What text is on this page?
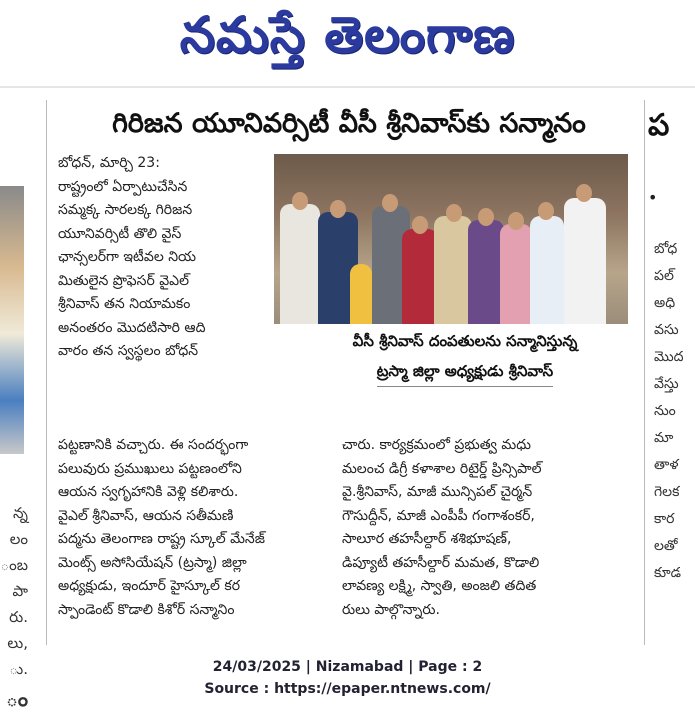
నమస్తే తెలంగాణ
న్న
లం
ంబ
పా
రు.
లు,
ు.
ం
గిరిజన యూనివర్సిటీ వీసీ శ్రీనివాస్‌కు సన్మానం
బోధన్, మార్చి 23:
రాష్ట్రంలో ఏర్పాటుచేసిన
సమ్మక్క సారలక్క గిరిజన
యూనివర్సిటీ తొలి వైస్
ఛాన్సలర్‌గా ఇటీవల నియ
మితులైన ప్రొఫెసర్ వైఎల్
శ్రీనివాస్ తన నియామకం
అనంతరం మొదటిసారి ఆది
వారం తన స్వస్థలం బోధన్
వీసీ శ్రీనివాస్ దంపతులను సన్మానిస్తున్న
ట్రస్మా జిల్లా అధ్యక్షుడు శ్రీనివాస్
పట్టణానికి వచ్చారు. ఈ సందర్భంగా
పలువురు ప్రముఖులు పట్టణంలోని
ఆయన స్వగృహానికి వెళ్లి కలిశారు.
వైఎల్ శ్రీనివాస్, ఆయన సతీమణి
పద్మను తెలంగాణ రాష్ట్ర స్కూల్ మేనేజ్
మెంట్స్ అసోసియేషన్ (ట్రస్మా) జిల్లా
అధ్యక్షుడు, ఇందూర్ హైస్కూల్ కర
స్పాండెంట్ కొడాలి కిశోర్ సన్మానిం
చారు. కార్యక్రమంలో ప్రభుత్వ మధు
మలంచ డిగ్రీ కళాశాల రిటైర్డ్ ప్రిన్సిపాల్
వై.శ్రీనివాస్, మాజీ మున్సిపల్ చైర్మన్
గౌసుద్దీన్, మాజీ ఎంపీపీ గంగాశంకర్,
సాలూర తహసీల్దార్ శశిభూషణ్,
డిప్యూటీ తహసీల్దార్ మమత, కొడాలి
లావణ్య లక్ష్మి, స్వాతి, అంజలి తదిత
రులు పాల్గొన్నారు.
ప
•
బోధ
పల్
అధి
వసు
మొద
వేస్తు
నుం
మా
తాళ
గెలక
కార
లతో
కూడ
24/03/2025 | Nizamabad | Page : 2
Source : https://epaper.ntnews.com/
